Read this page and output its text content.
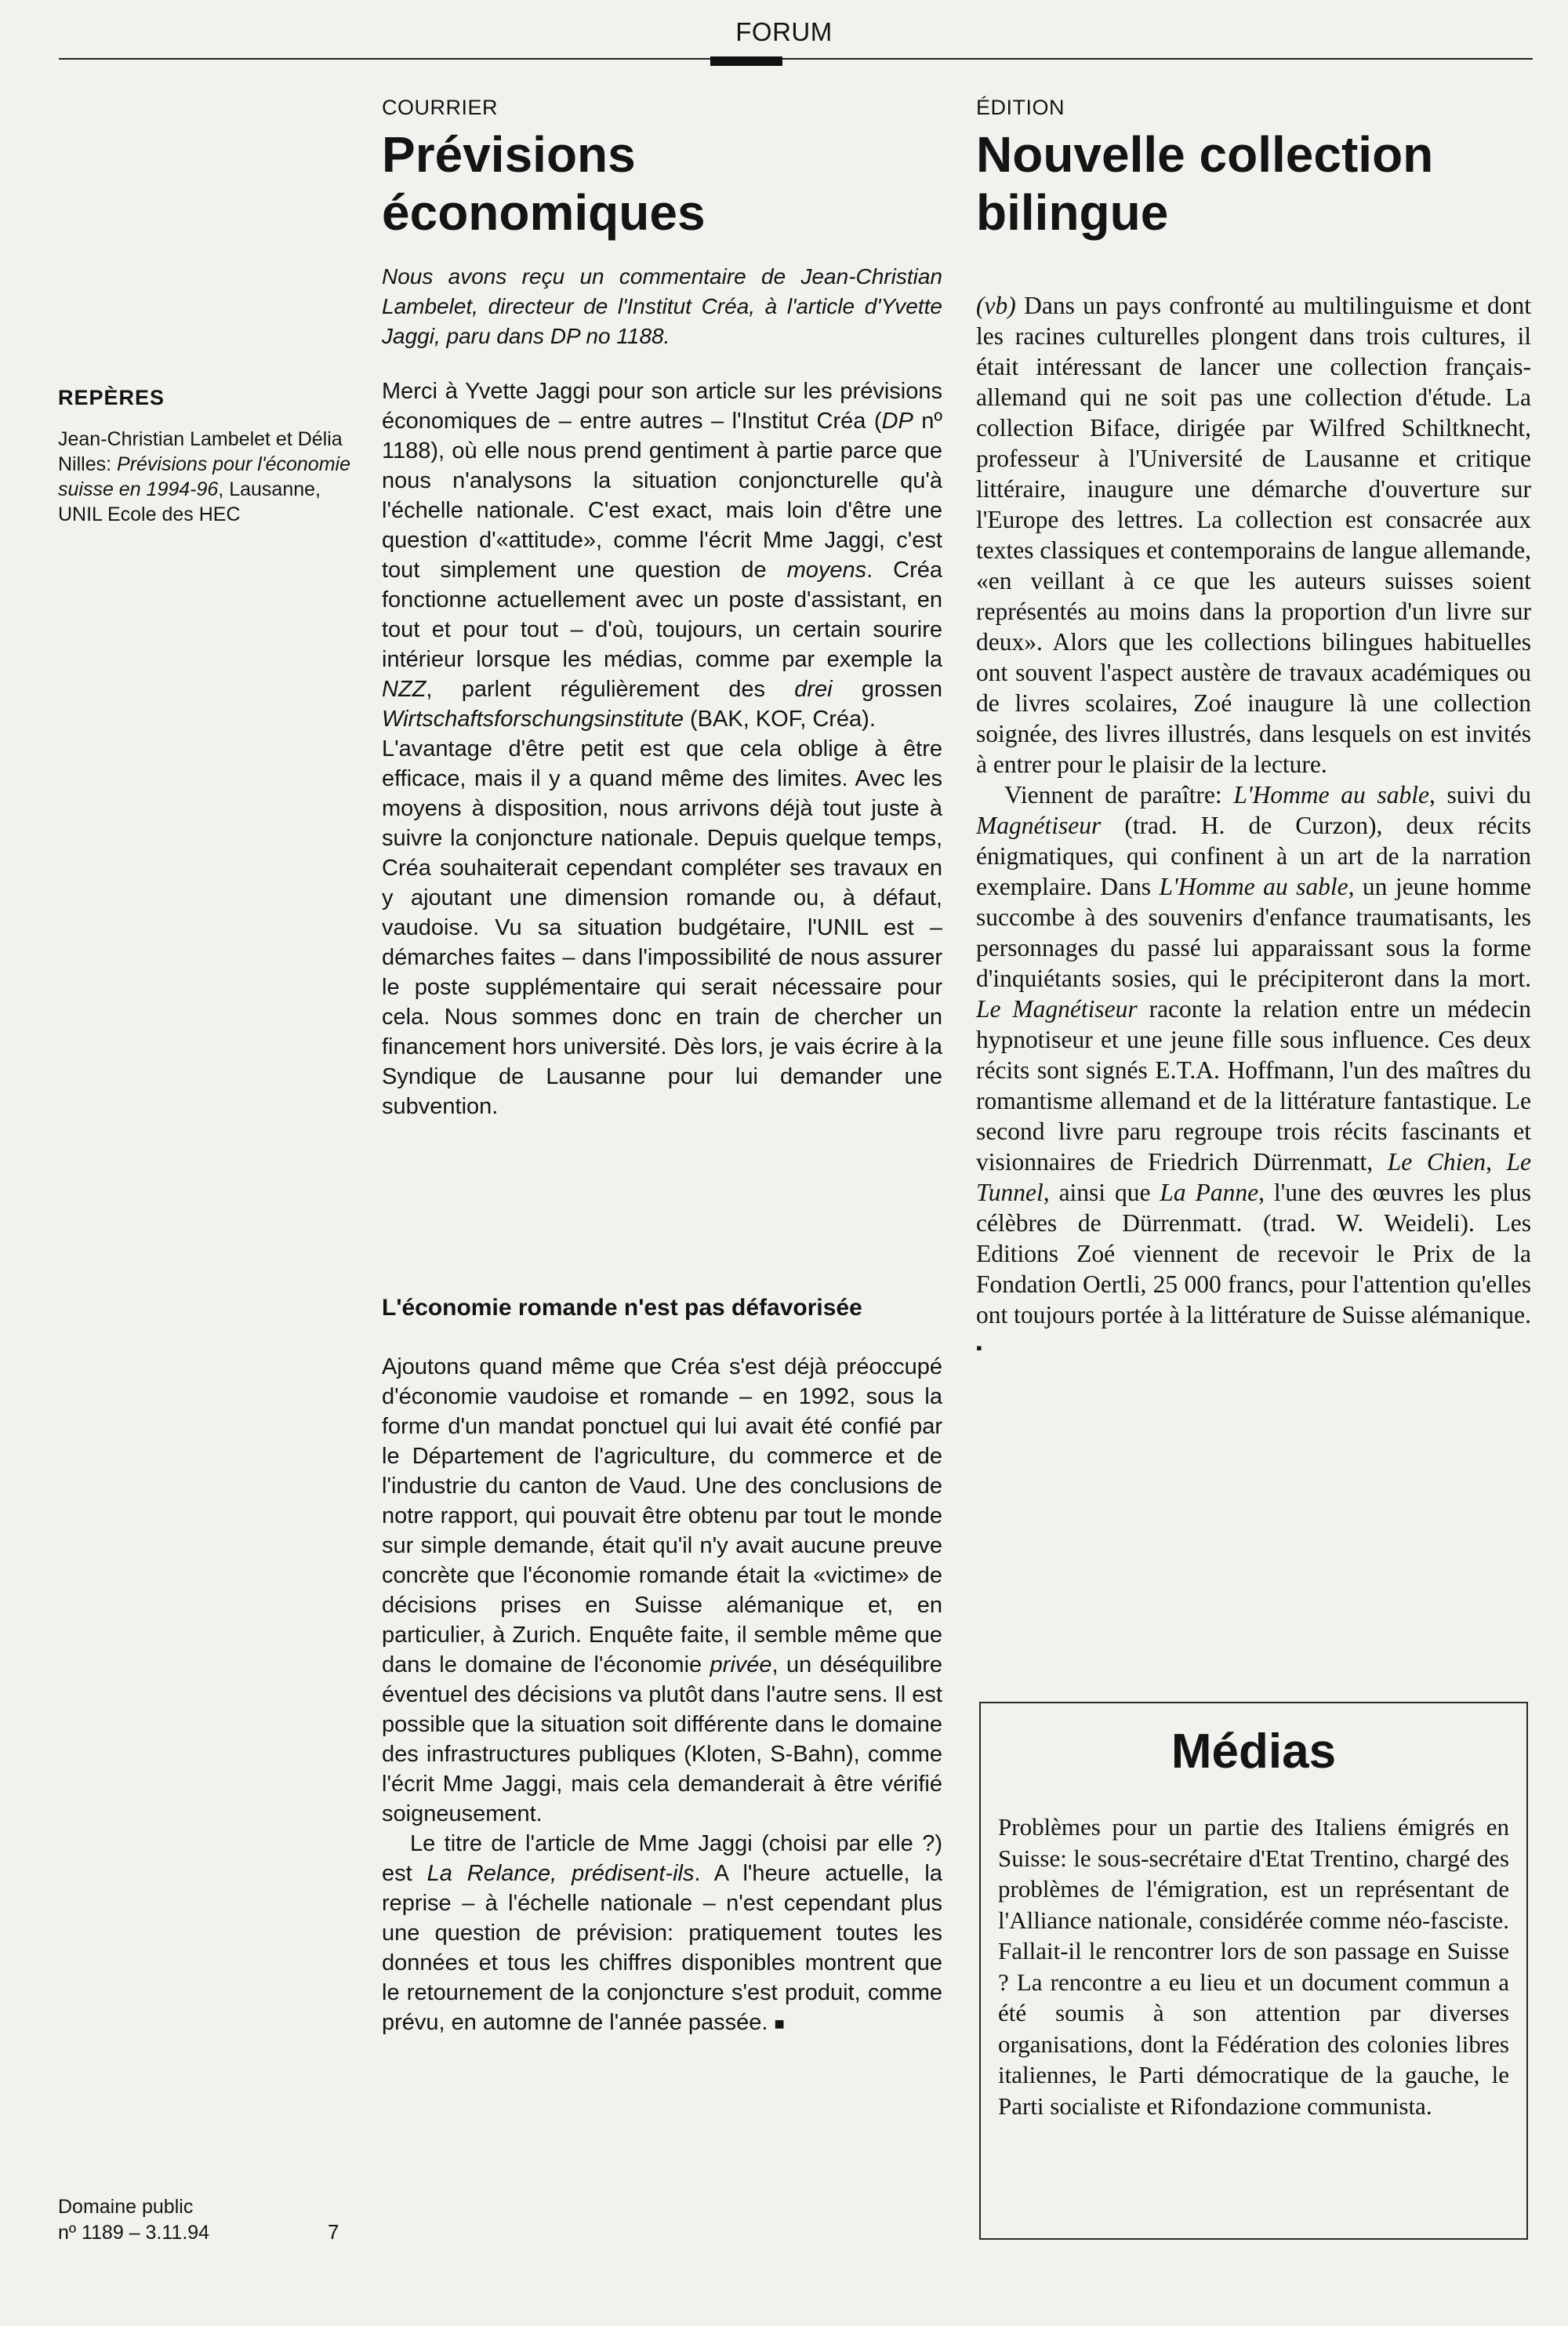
FORUM
REPÈRES
Jean-Christian Lambelet et Délia Nilles: Prévisions pour l'économie suisse en 1994-96, Lausanne, UNIL Ecole des HEC
Domaine public
nº 1189 – 3.11.94	7
COURRIER
Prévisions économiques
Nous avons reçu un commentaire de Jean-Christian Lambelet, directeur de l'Institut Créa, à l'article d'Yvette Jaggi, paru dans DP no 1188.

Merci à Yvette Jaggi pour son article sur les prévisions économiques de – entre autres – l'Institut Créa (DP nº 1188), où elle nous prend gentiment à partie parce que nous n'analysons la situation conjoncturelle qu'à l'échelle nationale. C'est exact, mais loin d'être une question d'«attitude», comme l'écrit Mme Jaggi, c'est tout simplement une question de moyens. Créa fonctionne actuellement avec un poste d'assistant, en tout et pour tout – d'où, toujours, un certain sourire intérieur lorsque les médias, comme par exemple la NZZ, parlent régulièrement des drei grossen Wirtschaftsforschungsinstitute (BAK, KOF, Créa).

L'avantage d'être petit est que cela oblige à être efficace, mais il y a quand même des limites. Avec les moyens à disposition, nous arrivons déjà tout juste à suivre la conjoncture nationale. Depuis quelque temps, Créa souhaiterait cependant compléter ses travaux en y ajoutant une dimension romande ou, à défaut, vaudoise. Vu sa situation budgétaire, l'UNIL est – démarches faites – dans l'impossibilité de nous assurer le poste supplémentaire qui serait nécessaire pour cela. Nous sommes donc en train de chercher un financement hors université. Dès lors, je vais écrire à la Syndique de Lausanne pour lui demander une subvention.

L'économie romande n'est pas défavorisée

Ajoutons quand même que Créa s'est déjà préoccupé d'économie vaudoise et romande – en 1992, sous la forme d'un mandat ponctuel qui lui avait été confié par le Département de l'agriculture, du commerce et de l'industrie du canton de Vaud. Une des conclusions de notre rapport, qui pouvait être obtenu par tout le monde sur simple demande, était qu'il n'y avait aucune preuve concrète que l'économie romande était la «victime» de décisions prises en Suisse alémanique et, en particulier, à Zurich. Enquête faite, il semble même que dans le domaine de l'économie privée, un déséquilibre éventuel des décisions va plutôt dans l'autre sens. Il est possible que la situation soit différente dans le domaine des infrastructures publiques (Kloten, S-Bahn), comme l'écrit Mme Jaggi, mais cela demanderait à être vérifié soigneusement.

Le titre de l'article de Mme Jaggi (choisi par elle ?) est La Relance, prédisent-ils. A l'heure actuelle, la reprise – à l'échelle nationale – n'est cependant plus une question de prévision: pratiquement toutes les données et tous les chiffres disponibles montrent que le retournement de la conjoncture s'est produit, comme prévu, en automne de l'année passée. ■

ÉDITION
Nouvelle collection bilingue

(vb) Dans un pays confronté au multilinguisme et dont les racines culturelles plongent dans trois cultures, il était intéressant de lancer une collection français-allemand qui ne soit pas une collection d'étude. La collection Biface, dirigée par Wilfred Schiltknecht, professeur à l'Université de Lausanne et critique littéraire, inaugure une démarche d'ouverture sur l'Europe des lettres. La collection est consacrée aux textes classiques et contemporains de langue allemande, «en veillant à ce que les auteurs suisses soient représentés au moins dans la proportion d'un livre sur deux». Alors que les collections bilingues habituelles ont souvent l'aspect austère de travaux académiques ou de livres scolaires, Zoé inaugure là une collection soignée, des livres illustrés, dans lesquels on est invités à entrer pour le plaisir de la lecture.

Viennent de paraître: L'Homme au sable, suivi du Magnétiseur (trad. H. de Curzon), deux récits énigmatiques, qui confinent à un art de la narration exemplaire. Dans L'Homme au sable, un jeune homme succombe à des souvenirs d'enfance traumatisants, les personnages du passé lui apparaissant sous la forme d'inquiétants sosies, qui le précipiteront dans la mort. Le Magnétiseur raconte la relation entre un médecin hypnotiseur et une jeune fille sous influence. Ces deux récits sont signés E.T.A. Hoffmann, l'un des maîtres du romantisme allemand et de la littérature fantastique. Le second livre paru regroupe trois récits fascinants et visionnaires de Friedrich Dürrenmatt, Le Chien, Le Tunnel, ainsi que La Panne, l'une des œuvres les plus célèbres de Dürrenmatt. (trad. W. Weideli). Les Editions Zoé viennent de recevoir le Prix de la Fondation Oertli, 25 000 francs, pour l'attention qu'elles ont toujours portée à la littérature de Suisse alémanique. ▪

Médias
Problèmes pour un partie des Italiens émigrés en Suisse: le sous-secrétaire d'Etat Trentino, chargé des problèmes de l'émigration, est un représentant de l'Alliance nationale, considérée comme néo-fasciste. Fallait-il le rencontrer lors de son passage en Suisse ? La rencontre a eu lieu et un document commun a été soumis à son attention par diverses organisations, dont la Fédération des colonies libres italiennes, le Parti démocratique de la gauche, le Parti socialiste et Rifondazione communista.
